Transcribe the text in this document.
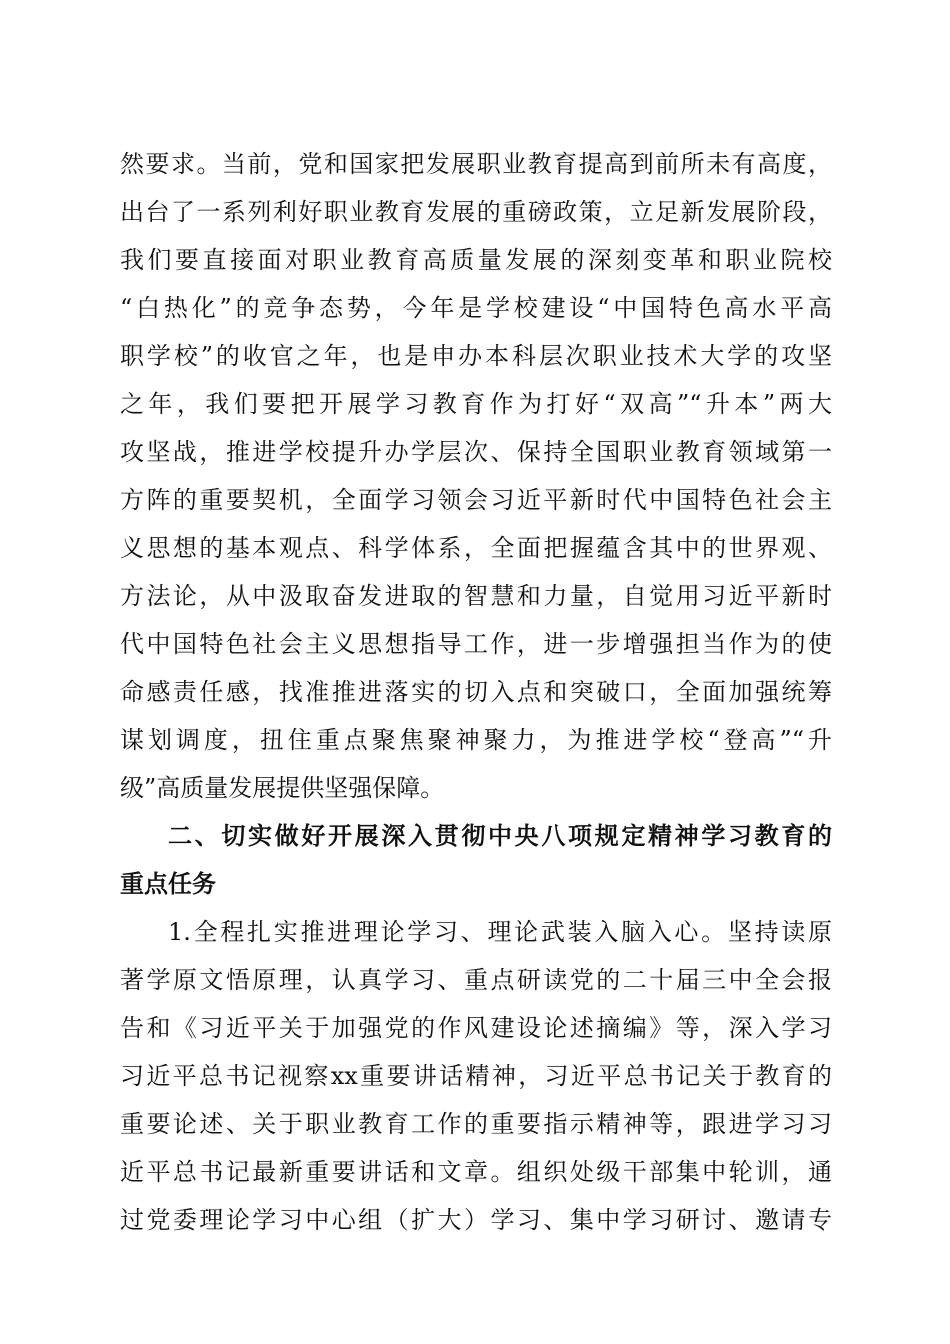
然要求。当前，党和国家把发展职业教育提高到前所未有高度，
出台了一系列利好职业教育发展的重磅政策，立足新发展阶段，
我们要直接面对职业教育高质量发展的深刻变革和职业院校
“白热化”的竞争态势，今年是学校建设“中国特色高水平高
职学校”的收官之年，也是申办本科层次职业技术大学的攻坚
之年，我们要把开展学习教育作为打好“双高”“升本”两大
攻坚战，推进学校提升办学层次、保持全国职业教育领域第一
方阵的重要契机，全面学习领会习近平新时代中国特色社会主
义思想的基本观点、科学体系，全面把握蕴含其中的世界观、
方法论，从中汲取奋发进取的智慧和力量，自觉用习近平新时
代中国特色社会主义思想指导工作，进一步增强担当作为的使
命感责任感，找准推进落实的切入点和突破口，全面加强统筹
谋划调度，扭住重点聚焦聚神聚力，为推进学校“登高”“升
级”高质量发展提供坚强保障。
二、切实做好开展深入贯彻中央八项规定精神学习教育的
重点任务
1.全程扎实推进理论学习、理论武装入脑入心。坚持读原
著学原文悟原理，认真学习、重点研读党的二十届三中全会报
告和《习近平关于加强党的作风建设论述摘编》等，深入学习
习近平总书记视察xx重要讲话精神，习近平总书记关于教育的
重要论述、关于职业教育工作的重要指示精神等，跟进学习习
近平总书记最新重要讲话和文章。组织处级干部集中轮训，通
过党委理论学习中心组（扩大）学习、集中学习研讨、邀请专
